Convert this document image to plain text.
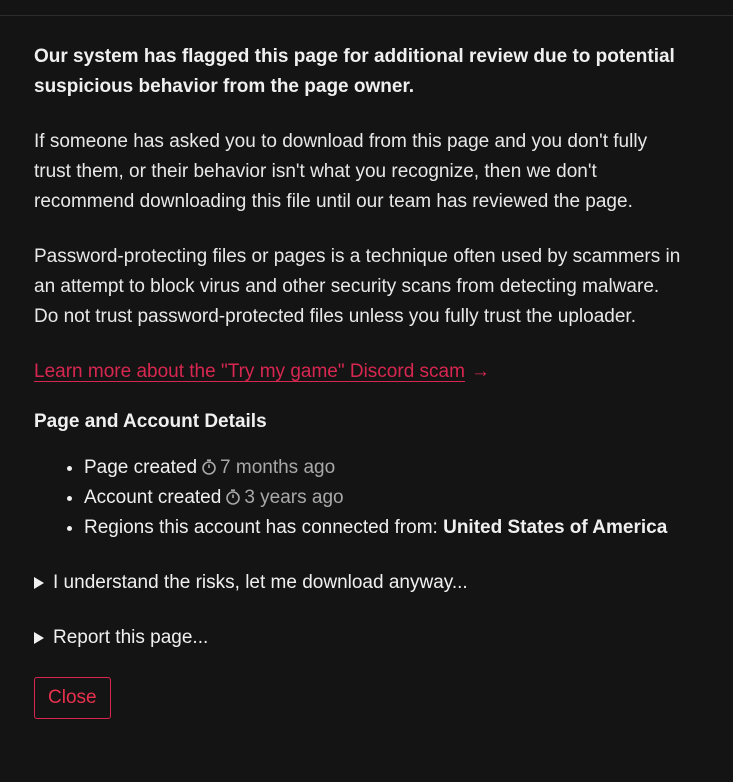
Our system has flagged this page for additional review due to potential suspicious behavior from the page owner.

If someone has asked you to download from this page and you don't fully trust them, or their behavior isn't what you recognize, then we don't recommend downloading this file until our team has reviewed the page.

Password-protecting files or pages is a technique often used by scammers in an attempt to block virus and other security scans from detecting malware. Do not trust password-protected files unless you fully trust the uploader.

Learn more about the "Try my game" Discord scam →

Page and Account Details

• Page created 7 months ago
• Account created 3 years ago
• Regions this account has connected from: United States of America
I understand the risks, let me download anyway...
Report this page...
Close
